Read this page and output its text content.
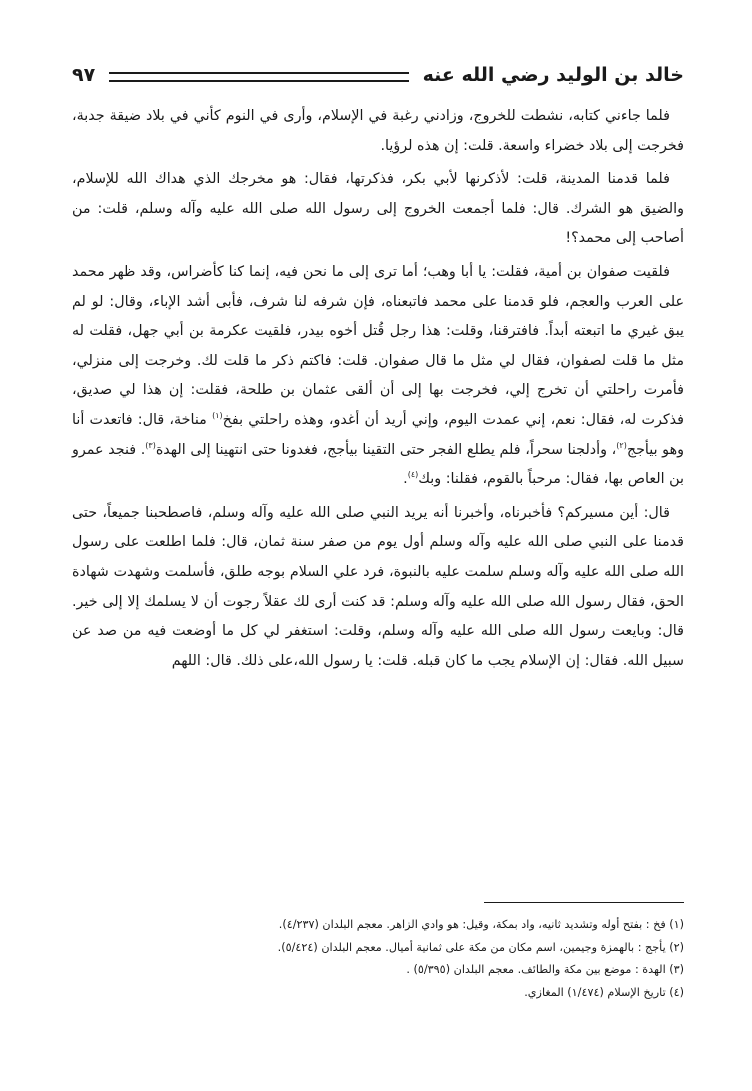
خالد بن الوليد رضي الله عنه
٩٧

فلما جاءني كتابه، نشطت للخروج، وزادني رغبة في الإسلام، وأرى في النوم كأني في بلاد ضيقة جدبة، فخرجت إلى بلاد خضراء واسعة. قلت: إن هذه لرؤيا.

فلما قدمنا المدينة، قلت: لأذكرنها لأبي بكر، فذكرتها، فقال: هو مخرجك الذي هداك الله للإسلام، والضيق هو الشرك. قال: فلما أجمعت الخروج إلى رسول الله صلى الله عليه وآله وسلم، قلت: من أصاحب إلى محمد؟!

فلقيت صفوان بن أمية، فقلت: يا أبا وهب؛ أما ترى إلى ما نحن فيه، إنما كنا كأضراس، وقد ظهر محمد على العرب والعجم، فلو قدمنا على محمد فاتبعناه، فإن شرفه لنا شرف، فأبى أشد الإباء، وقال: لو لم يبق غيري ما اتبعته أبداً. فافترقنا، وقلت: هذا رجل قُتل أخوه بيدر، فلقيت عكرمة بن أبي جهل، فقلت له مثل ما قلت لصفوان، فقال لي مثل ما قال صفوان. قلت: فاكتم ذكر ما قلت لك. وخرجت إلى منزلي، فأمرت راحلتي أن تخرج إلي، فخرجت بها إلى أن ألقى عثمان بن طلحة، فقلت: إن هذا لي صديق، فذكرت له، فقال: نعم، إني عمدت اليوم، وإني أريد أن أغدو، وهذه راحلتي بفخ$^{(١)}$ مناخة، قال: فاتعدت أنا وهو بيأجج$^{(٢)}$، وأدلجنا سحراً، فلم يطلع الفجر حتى التقينا بيأجج، فغدونا حتى انتهينا إلى الهدة$^{(٣)}$. فنجد عمرو بن العاص بها، فقال: مرحباً بالقوم، فقلنا: وبك$^{(٤)}$.

قال: أين مسيركم؟ فأخبرناه، وأخبرنا أنه يريد النبي صلى الله عليه وآله وسلم، فاصطحبنا جميعاً، حتى قدمنا على النبي صلى الله عليه وآله وسلم أول يوم من صفر سنة ثمان، قال: فلما اطلعت على رسول الله صلى الله عليه وآله وسلم سلمت عليه بالنبوة، فرد علي السلام بوجه طلق، فأسلمت وشهدت شهادة الحق، فقال رسول الله صلى الله عليه وآله وسلم: قد كنت أرى لك عقلاً رجوت أن لا يسلمك إلا إلى خير. قال: وبايعت رسول الله صلى الله عليه وآله وسلم، وقلت: استغفر لي كل ما أوضعت فيه من صد عن سبيل الله. فقال: إن الإسلام يجب ما كان قبله. قلت: يا رسول الله،على ذلك. قال: اللهم

(١) فخ : بفتح أوله وتشديد ثانيه، واد بمكة، وقيل: هو وادي الزاهر. معجم البلدان (٤/٢٣٧).
(٢) يأجج : بالهمزة وجيمين، اسم مكان من مكة على ثمانية أميال. معجم البلدان (٥/٤٢٤).
(٣) الهدة : موضع بين مكة والطائف. معجم البلدان (٥/٣٩٥) .
(٤) تاريخ الإسلام (١/٤٧٤) المغازي.
